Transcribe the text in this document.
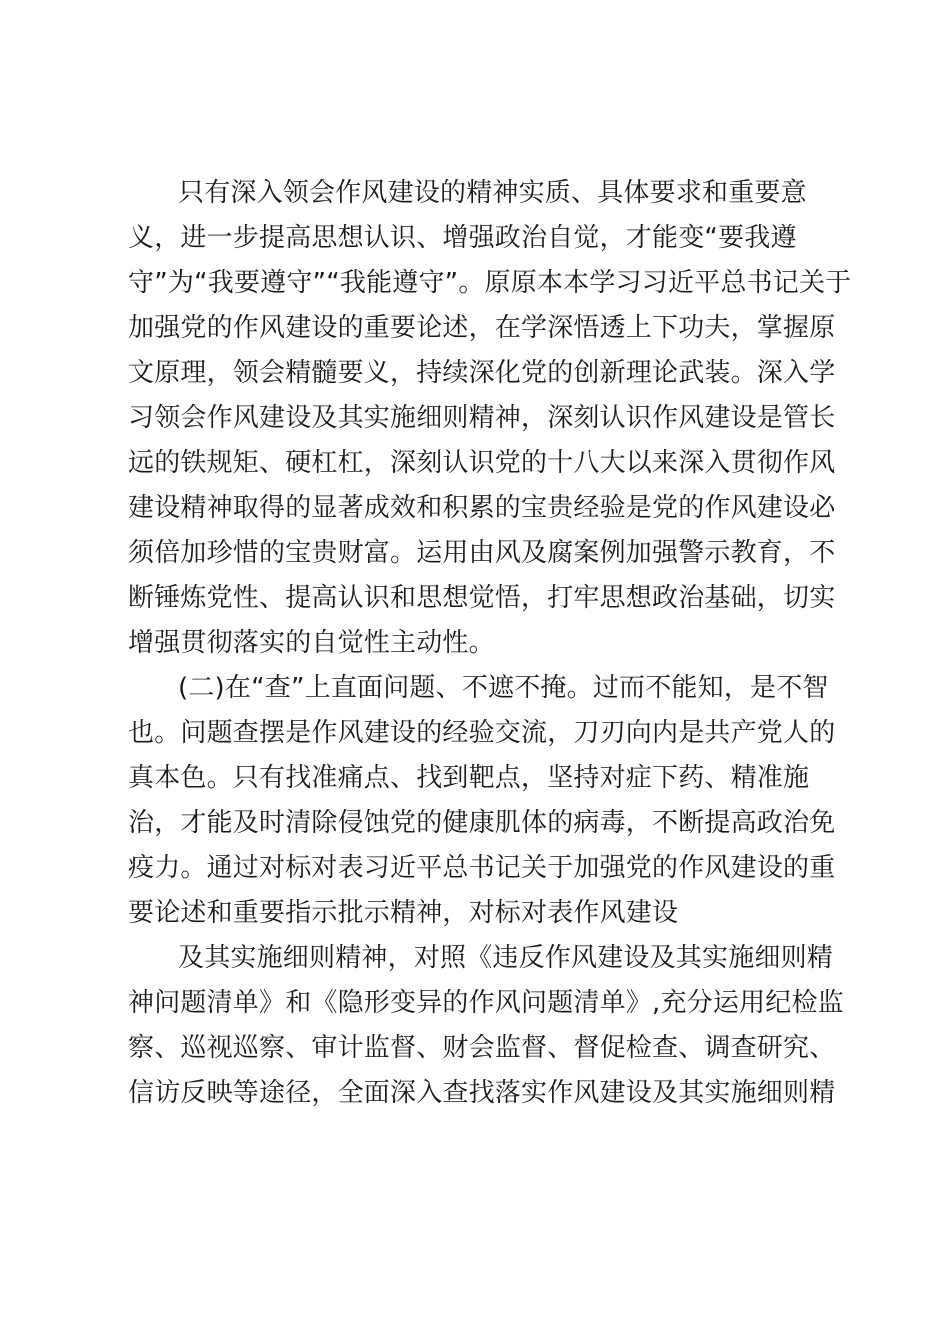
只有深入领会作风建设的精神实质、具体要求和重要意

义，进一步提高思想认识、增强政治自觉，才能变“要我遵

守”为“我要遵守”“我能遵守”。原原本本学习习近平总书记关于

加强党的作风建设的重要论述，在学深悟透上下功夫，掌握原

文原理，领会精髓要义，持续深化党的创新理论武装。深入学

习领会作风建设及其实施细则精神，深刻认识作风建设是管长

远的铁规矩、硬杠杠，深刻认识党的十八大以来深入贯彻作风

建设精神取得的显著成效和积累的宝贵经验是党的作风建设必

须倍加珍惜的宝贵财富。运用由风及腐案例加强警示教育，不

断锤炼党性、提高认识和思想觉悟，打牢思想政治基础，切实

增强贯彻落实的自觉性主动性。

(二)在“查”上直面问题、不遮不掩。过而不能知，是不智

也。问题查摆是作风建设的经验交流，刀刃向内是共产党人的

真本色。只有找准痛点、找到靶点，坚持对症下药、精准施

治，才能及时清除侵蚀党的健康肌体的病毒，不断提高政治免

疫力。通过对标对表习近平总书记关于加强党的作风建设的重

要论述和重要指示批示精神，对标对表作风建设

及其实施细则精神，对照《违反作风建设及其实施细则精

神问题清单》和《隐形变异的作风问题清单》,充分运用纪检监

察、巡视巡察、审计监督、财会监督、督促检查、调查研究、

信访反映等途径，全面深入查找落实作风建设及其实施细则精
